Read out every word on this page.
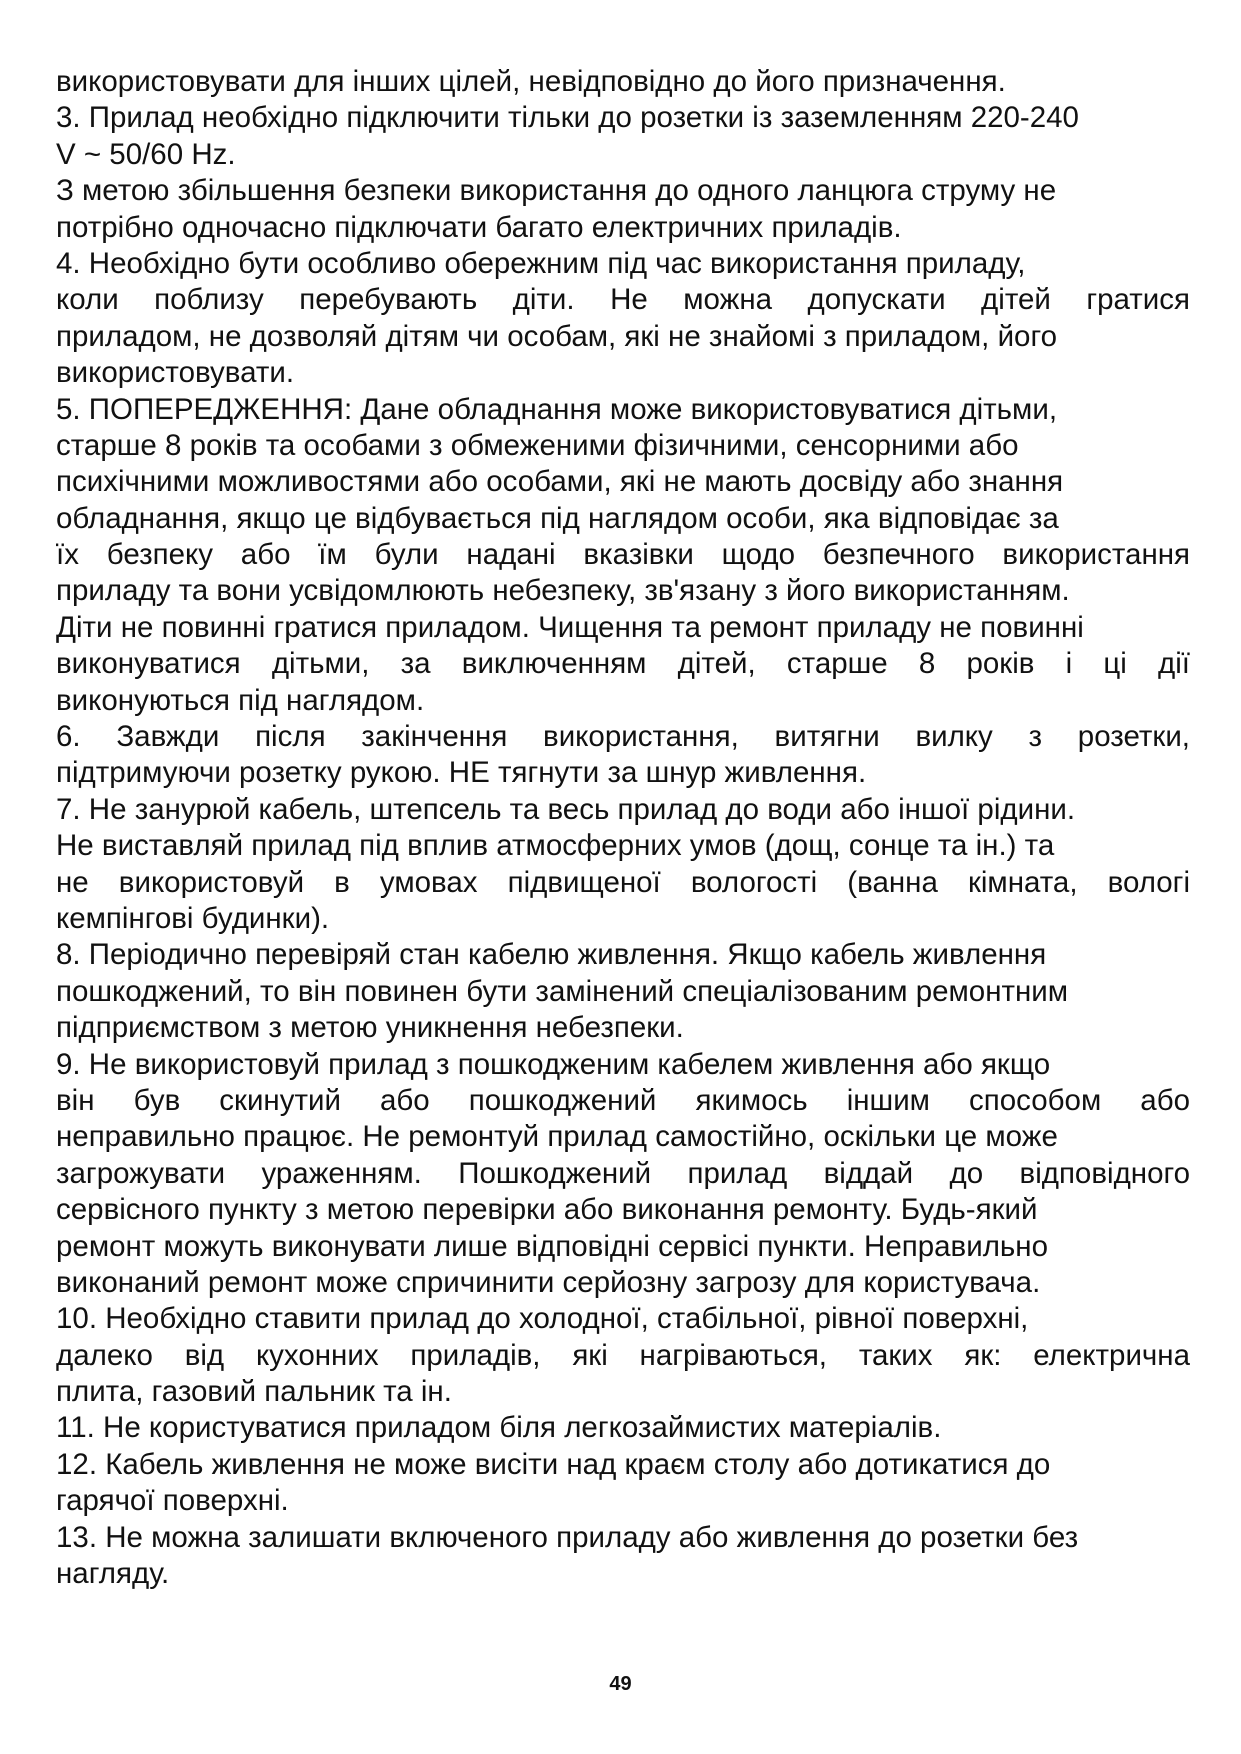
використовувати для інших цілей, невідповідно до його призначення.
3. Прилад необхідно підключити тільки до розетки із заземленням 220-240
V ~ 50/60 Hz.
З метою збільшення безпеки використання до одного ланцюга струму не
потрібно одночасно підключати багато електричних приладів.
4. Необхідно бути особливо обережним під час використання приладу,
коли поблизу перебувають діти. Не можна допускати дітей гратися
приладом, не дозволяй дітям чи особам, які не знайомі з приладом, його
використовувати.
5. ПОПЕРЕДЖЕННЯ: Дане обладнання може використовуватися дітьми,
старше 8 років та особами з обмеженими фізичними, сенсорними або
психічними можливостями або особами, які не мають досвіду або знання
обладнання, якщо це відбувається під наглядом особи, яка відповідає за
їх безпеку або їм були надані вказівки щодо безпечного використання
приладу та вони усвідомлюють небезпеку, зв'язану з його використанням.
Діти не повинні гратися приладом. Чищення та ремонт приладу не повинні
виконуватися дітьми, за виключенням дітей, старше 8 років і ці дії
виконуються під наглядом.
6. Завжди після закінчення використання, витягни вилку з розетки,
підтримуючи розетку рукою. НЕ тягнути за шнур живлення.
7. Не занурюй кабель, штепсель та весь прилад до води або іншої рідини.
Не виставляй прилад під вплив атмосферних умов (дощ, сонце та ін.) та
не використовуй в умовах підвищеної вологості (ванна кімната, вологі
кемпінгові будинки).
8. Періодично перевіряй стан кабелю живлення. Якщо кабель живлення
пошкоджений, то він повинен бути замінений спеціалізованим ремонтним
підприємством з метою уникнення небезпеки.
9. Не використовуй прилад з пошкодженим кабелем живлення або якщо
він був скинутий або пошкоджений якимось іншим способом або
неправильно працює. Не ремонтуй прилад самостійно, оскільки це може
загрожувати ураженням. Пошкоджений прилад віддай до відповідного
сервісного пункту з метою перевірки або виконання ремонту. Будь-який
ремонт можуть виконувати лише відповідні сервісі пункти. Неправильно
виконаний ремонт може спричинити серйозну загрозу для користувача.
10. Необхідно ставити прилад до холодної, стабільної, рівної поверхні,
далеко від кухонних приладів, які нагріваються, таких як: електрична
плита, газовий пальник та ін.
11. Не користуватися приладом біля легкозаймистих матеріалів.
12. Кабель живлення не може висіти над краєм столу або дотикатися до
гарячої поверхні.
13. Не можна залишати включеного приладу або живлення до розетки без
нагляду.
49
